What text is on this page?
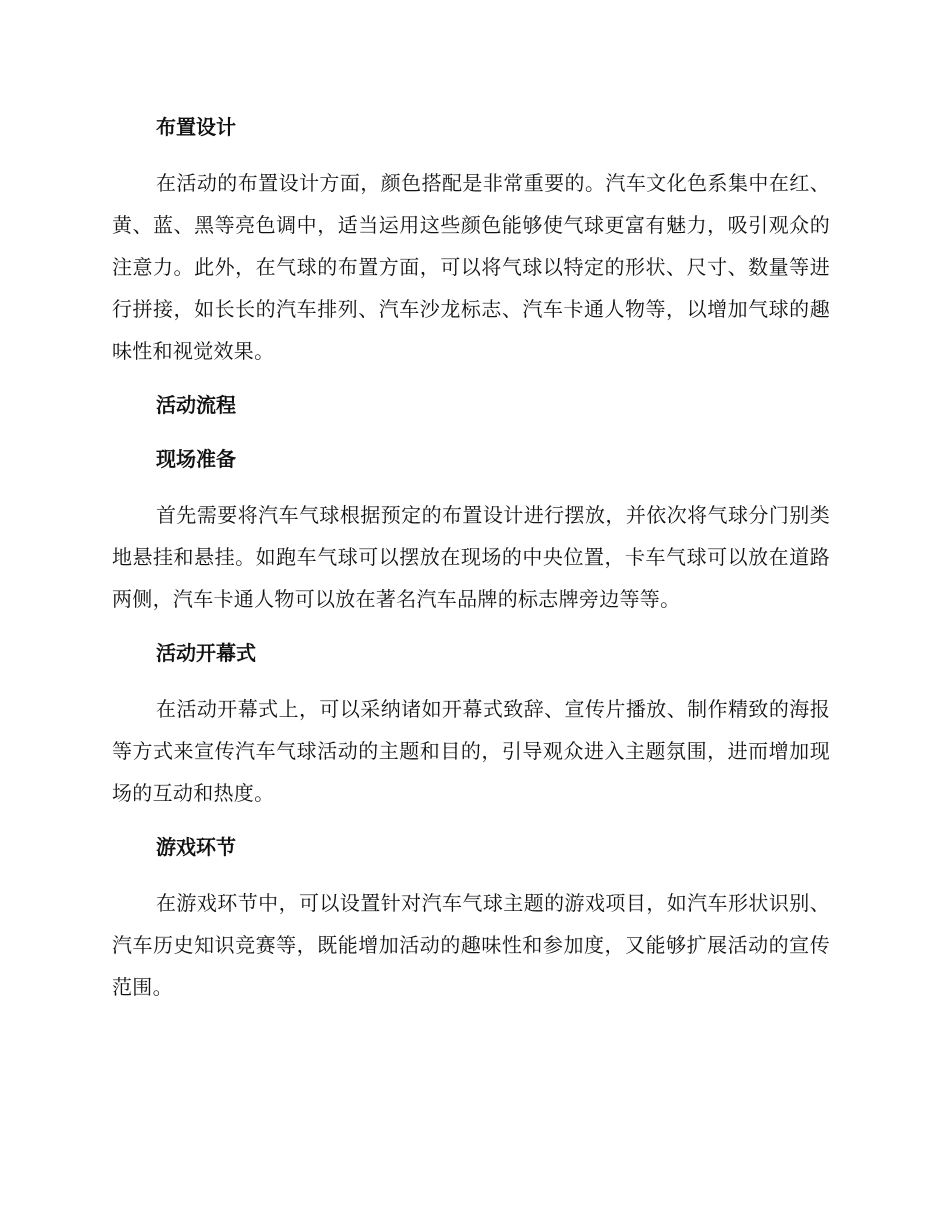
布置设计

在活动的布置设计方面，颜色搭配是非常重要的。汽车文化色系集中在红、黄、蓝、黑等亮色调中，适当运用这些颜色能够使气球更富有魅力，吸引观众的注意力。此外，在气球的布置方面，可以将气球以特定的形状、尺寸、数量等进行拼接，如长长的汽车排列、汽车沙龙标志、汽车卡通人物等，以增加气球的趣味性和视觉效果。

活动流程
现场准备

首先需要将汽车气球根据预定的布置设计进行摆放，并依次将气球分门别类地悬挂和悬挂。如跑车气球可以摆放在现场的中央位置，卡车气球可以放在道路两侧，汽车卡通人物可以放在著名汽车品牌的标志牌旁边等等。

活动开幕式

在活动开幕式上，可以采纳诸如开幕式致辞、宣传片播放、制作精致的海报等方式来宣传汽车气球活动的主题和目的，引导观众进入主题氛围，进而增加现场的互动和热度。

游戏环节

在游戏环节中，可以设置针对汽车气球主题的游戏项目，如汽车形状识别、汽车历史知识竞赛等，既能增加活动的趣味性和参加度，又能够扩展活动的宣传范围。
